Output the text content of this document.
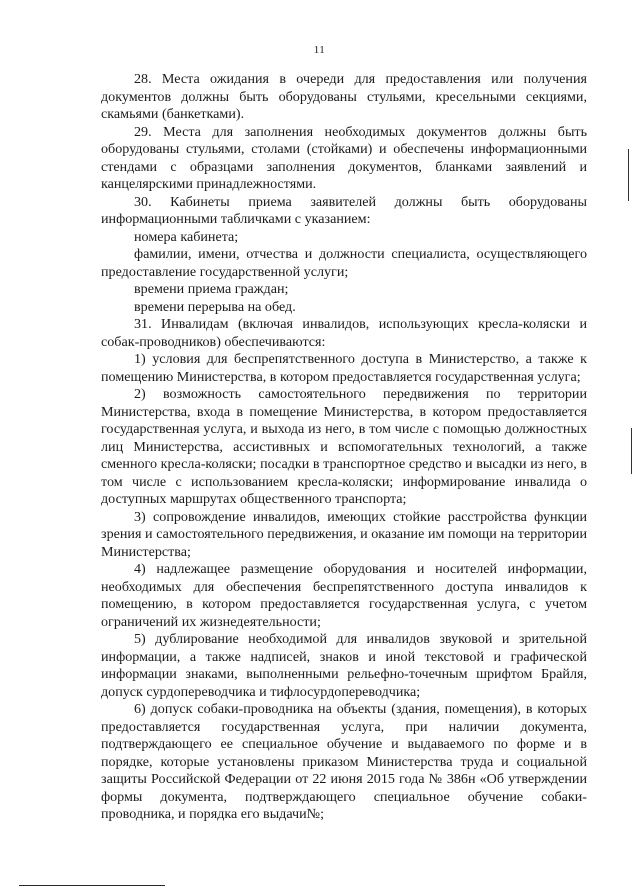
11

28. Места ожидания в очереди для предоставления или получения документов должны быть оборудованы стульями, кресельными секциями, скамьями (банкетками).

29. Места для заполнения необходимых документов должны быть оборудованы стульями, столами (стойками) и обеспечены информационными стендами с образцами заполнения документов, бланками заявлений и канцелярскими принадлежностями.

30. Кабинеты приема заявителей должны быть оборудованы информационными табличками с указанием:

номера кабинета;

фамилии, имени, отчества и должности специалиста, осуществляющего предоставление государственной услуги;

времени приема граждан;

времени перерыва на обед.

31. Инвалидам (включая инвалидов, использующих кресла-коляски и собак-проводников) обеспечиваются:

1) условия для беспрепятственного доступа в Министерство, а также к помещению Министерства, в котором предоставляется государственная услуга;

2) возможность самостоятельного передвижения по территории Министерства, входа в помещение Министерства, в котором предоставляется государственная услуга, и выхода из него, в том числе с помощью должностных лиц Министерства, ассистивных и вспомогательных технологий, а также сменного кресла-коляски; посадки в транспортное средство и высадки из него, в том числе с использованием кресла-коляски; информирование инвалида о доступных маршрутах общественного транспорта;

3) сопровождение инвалидов, имеющих стойкие расстройства функции зрения и самостоятельного передвижения, и оказание им помощи на территории Министерства;

4) надлежащее размещение оборудования и носителей информации, необходимых для обеспечения беспрепятственного доступа инвалидов к помещению, в котором предоставляется государственная услуга, с учетом ограничений их жизнедеятельности;

5) дублирование необходимой для инвалидов звуковой и зрительной информации, а также надписей, знаков и иной текстовой и графической информации знаками, выполненными рельефно-точечным шрифтом Брайля, допуск сурдопереводчика и тифлосурдопереводчика;

6) допуск собаки-проводника на объекты (здания, помещения), в которых предоставляется государственная услуга, при наличии документа, подтверждающего ее специальное обучение и выдаваемого по форме и в порядке, которые установлены приказом Министерства труда и социальной защиты Российской Федерации от 22 июня 2015 года № 386н «Об утверждении формы документа, подтверждающего специальное обучение собаки-проводника, и порядка его выдачи№;
